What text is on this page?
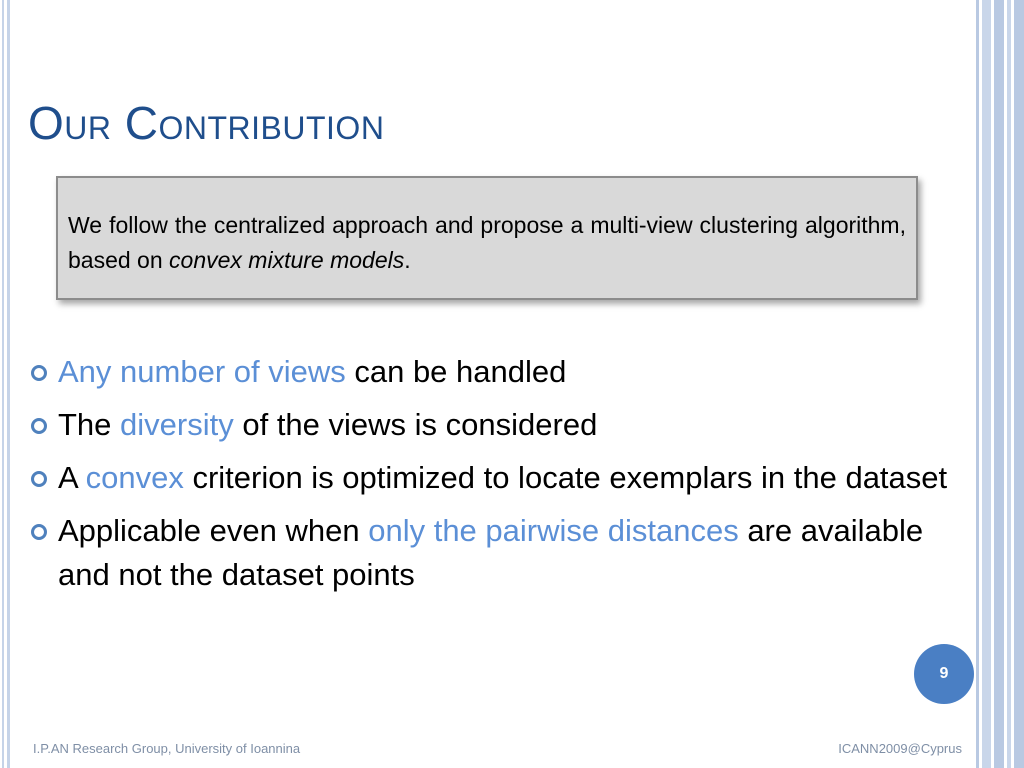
Our Contribution

We follow the centralized approach and propose a multi-view clustering algorithm, based on convex mixture models.

Any number of views can be handled
The diversity of the views is considered
A convex criterion is optimized to locate exemplars in the dataset
Applicable even when only the pairwise distances are available and not the dataset points
9
I.P.AN Research Group, University of Ioannina	ICANN2009@Cyprus
